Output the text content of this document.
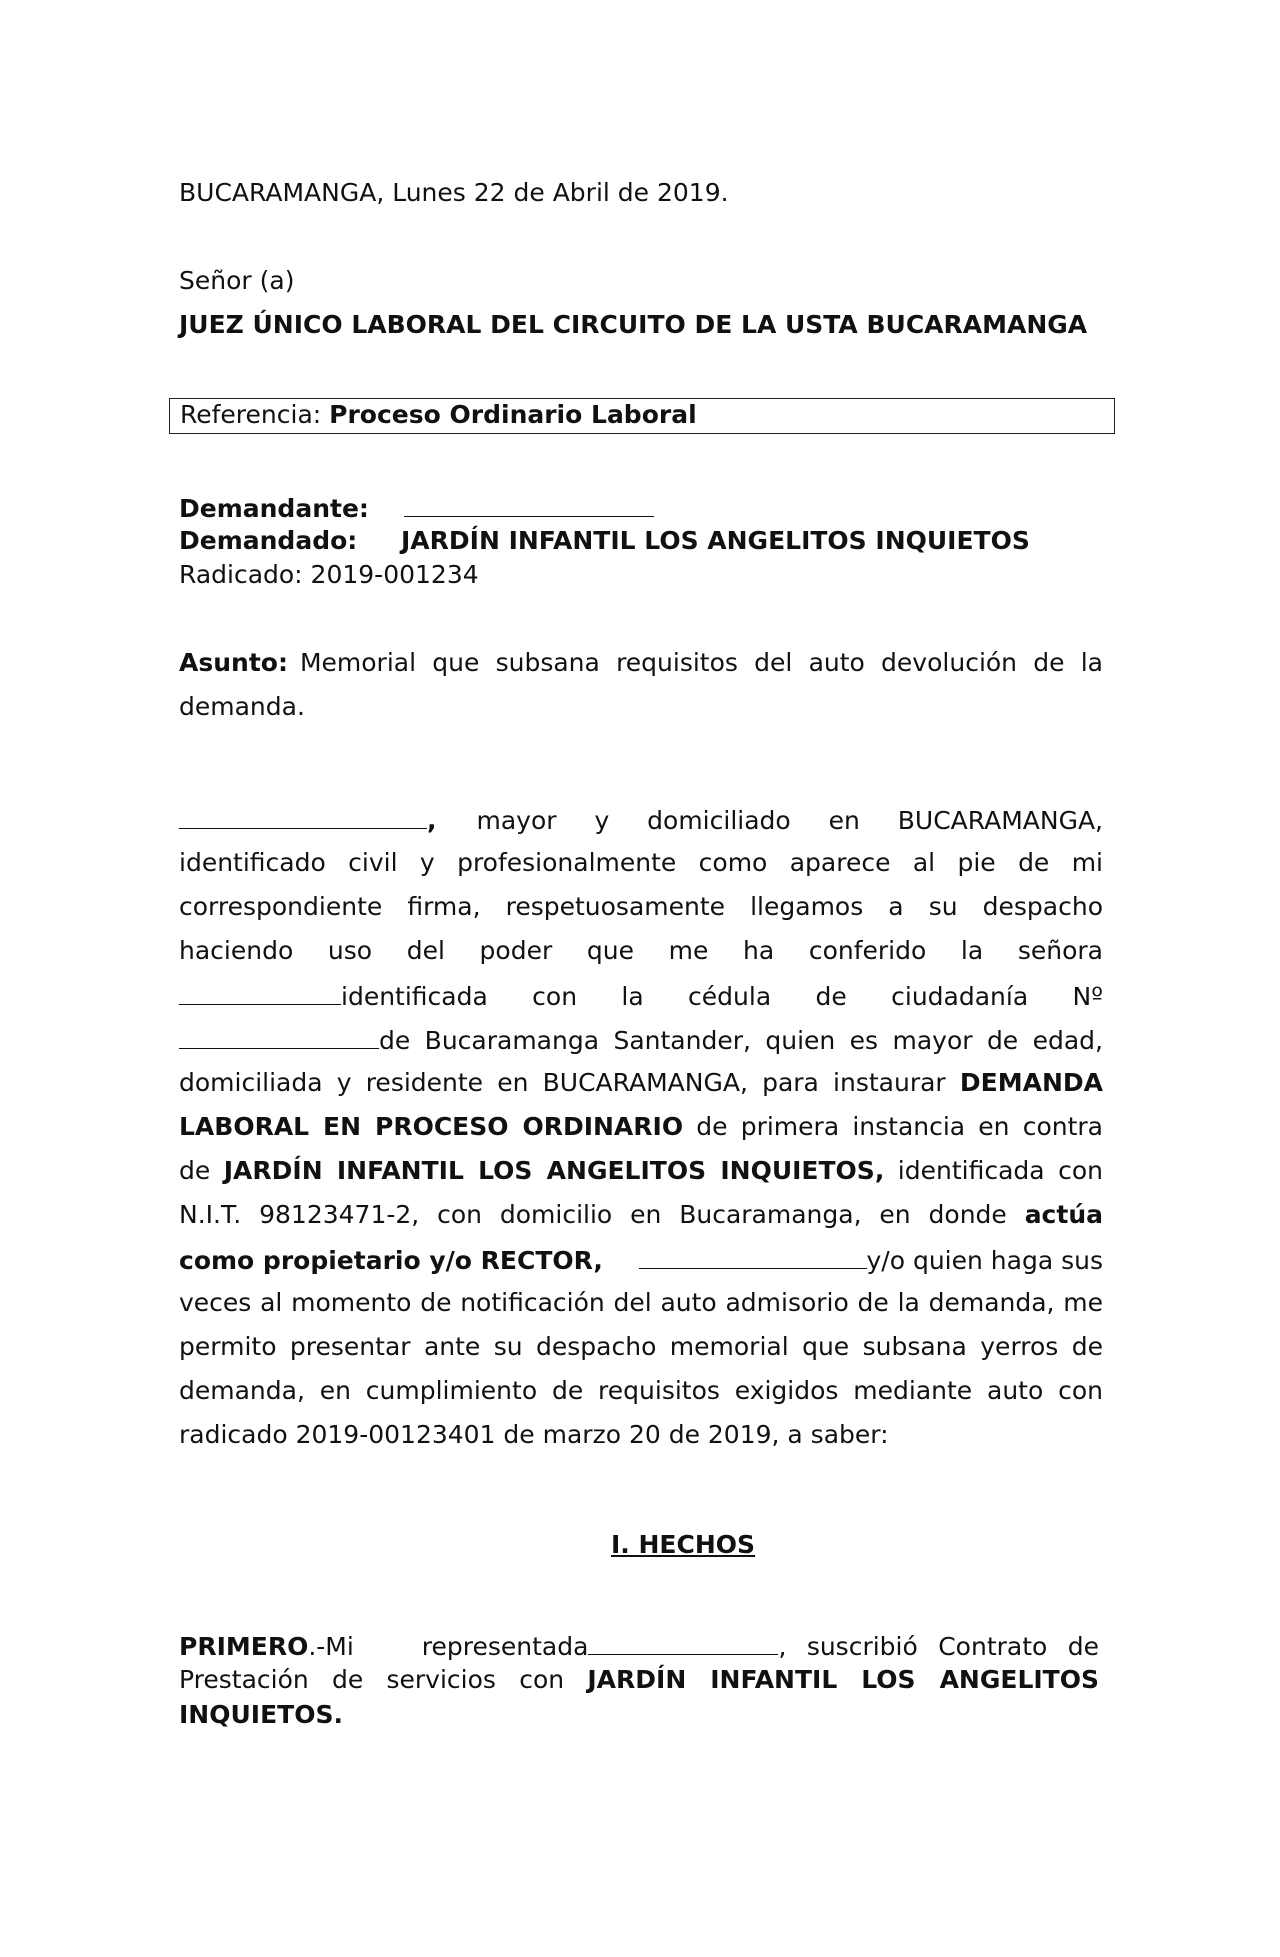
BUCARAMANGA, Lunes 22 de Abril de 2019.
Señor (a)
JUEZ ÚNICO LABORAL DEL CIRCUITO DE LA USTA BUCARAMANGA
Referencia: Proceso Ordinario Laboral
Demandante:
Demandado: JARDÍN INFANTIL LOS ANGELITOS INQUIETOS
Radicado: 2019-001234
Asunto: Memorial que subsana requisitos del auto devolución de la
demanda.
, mayor y domiciliado en BUCARAMANGA,
identificado civil y profesionalmente como aparece al pie de mi
correspondiente firma, respetuosamente llegamos a su despacho
haciendo uso del poder que me ha conferido la señora
identificada con la cédula de ciudadanía Nº
de Bucaramanga Santander, quien es mayor de edad,
domiciliada y residente en BUCARAMANGA, para instaurar DEMANDA
LABORAL EN PROCESO ORDINARIO de primera instancia en contra
de JARDÍN INFANTIL LOS ANGELITOS INQUIETOS, identificada con
N.I.T. 98123471-2, con domicilio en Bucaramanga, en donde actúa
como propietario y/o RECTOR,	y/o quien haga sus
veces al momento de notificación del auto admisorio de la demanda, me
permito presentar ante su despacho memorial que subsana yerros de
demanda, en cumplimiento de requisitos exigidos mediante auto con
radicado 2019-00123401 de marzo 20 de 2019, a saber:
I. HECHOS
PRIMERO.-Mi representada	, suscribió Contrato de
Prestación de servicios con JARDÍN INFANTIL LOS ANGELITOS
INQUIETOS.
